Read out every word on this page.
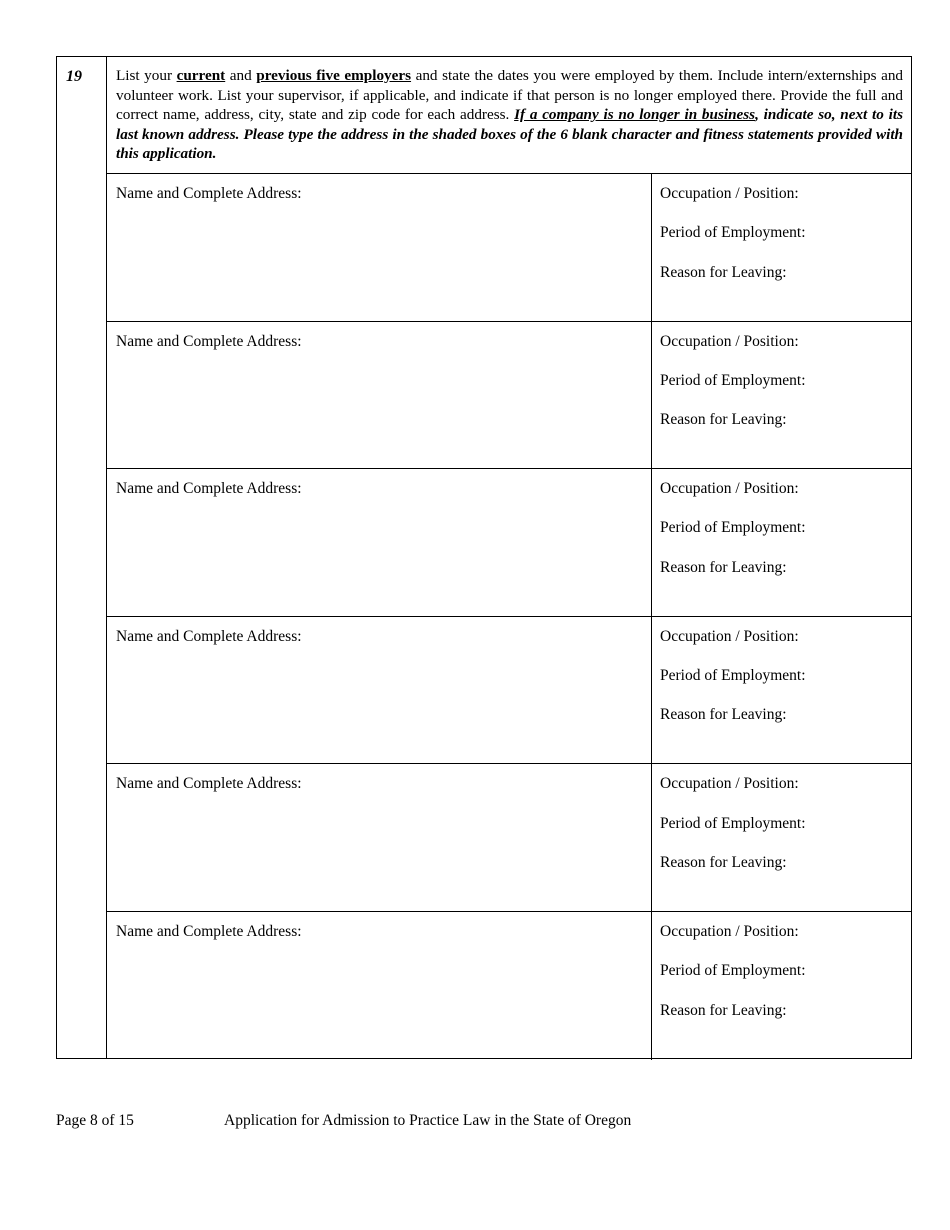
19	List your current and previous five employers and state the dates you were employed by them. Include intern/externships and volunteer work. List your supervisor, if applicable, and indicate if that person is no longer employed there. Provide the full and correct name, address, city, state and zip code for each address. If a company is no longer in business, indicate so, next to its last known address. Please type the address in the shaded boxes of the 6 blank character and fitness statements provided with this application.
Name and Complete Address:	Occupation / Position:
Period of Employment:
Reason for Leaving:
Name and Complete Address:	Occupation / Position:
Period of Employment:
Reason for Leaving:
Name and Complete Address:	Occupation / Position:
Period of Employment:
Reason for Leaving:
Name and Complete Address:	Occupation / Position:
Period of Employment:
Reason for Leaving:
Name and Complete Address:	Occupation / Position:
Period of Employment:
Reason for Leaving:
Name and Complete Address:	Occupation / Position:
Period of Employment:
Reason for Leaving:
Page 8 of 15	Application for Admission to Practice Law in the State of Oregon
